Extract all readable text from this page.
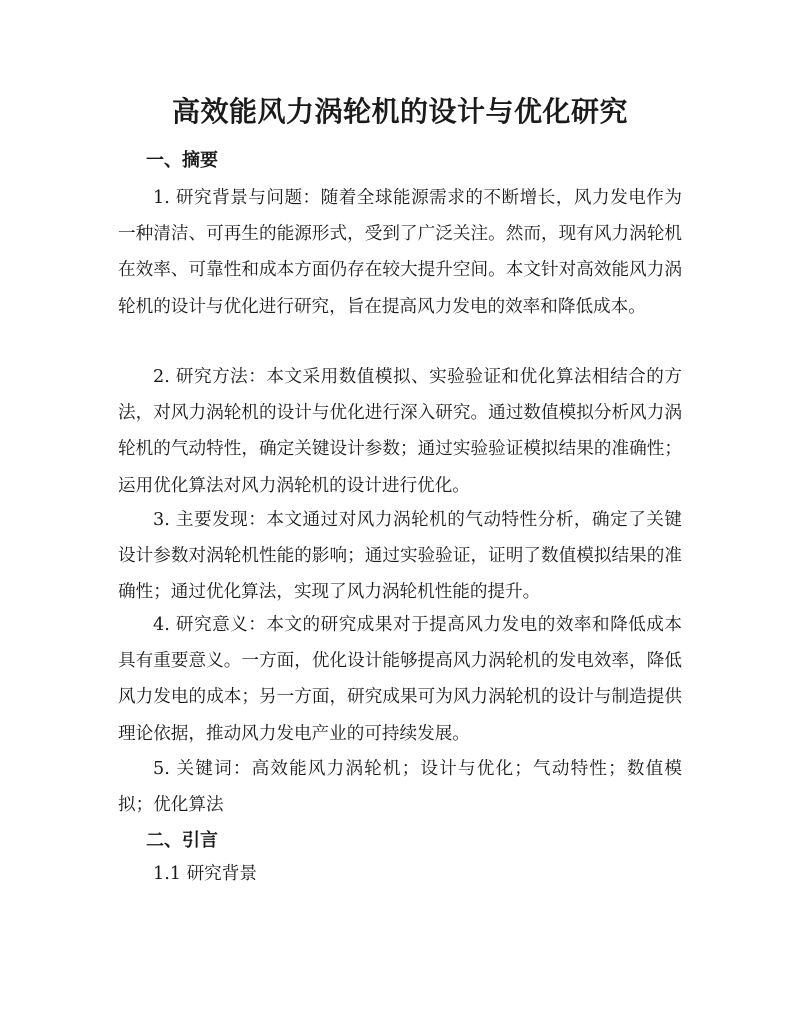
高效能风力涡轮机的设计与优化研究
一、摘要

1. 研究背景与问题：随着全球能源需求的不断增长，风力发电作为一种清洁、可再生的能源形式，受到了广泛关注。然而，现有风力涡轮机在效率、可靠性和成本方面仍存在较大提升空间。本文针对高效能风力涡轮机的设计与优化进行研究，旨在提高风力发电的效率和降低成本。

2. 研究方法：本文采用数值模拟、实验验证和优化算法相结合的方法，对风力涡轮机的设计与优化进行深入研究。通过数值模拟分析风力涡轮机的气动特性，确定关键设计参数；通过实验验证模拟结果的准确性；运用优化算法对风力涡轮机的设计进行优化。

3. 主要发现：本文通过对风力涡轮机的气动特性分析，确定了关键设计参数对涡轮机性能的影响；通过实验验证，证明了数值模拟结果的准确性；通过优化算法，实现了风力涡轮机性能的提升。

4. 研究意义：本文的研究成果对于提高风力发电的效率和降低成本具有重要意义。一方面，优化设计能够提高风力涡轮机的发电效率，降低风力发电的成本；另一方面，研究成果可为风力涡轮机的设计与制造提供理论依据，推动风力发电产业的可持续发展。

5. 关键词：高效能风力涡轮机；设计与优化；气动特性；数值模拟；优化算法

二、引言

1.1 研究背景
